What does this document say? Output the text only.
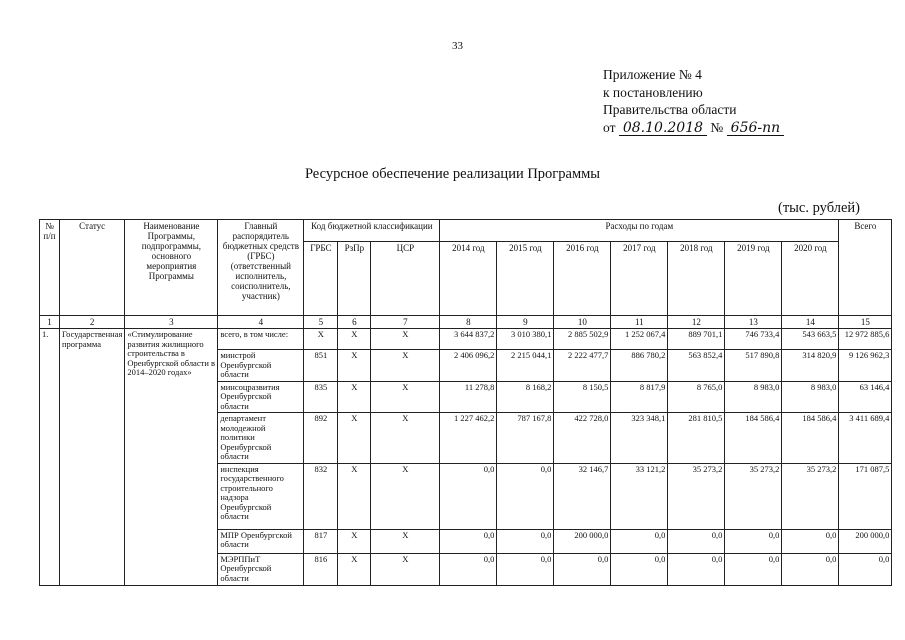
33
Приложение № 4
к постановлению
Правительства области
от 08.10.2018 № 656-пп
Ресурсное обеспечение реализации Программы
(тыс. рублей)
№ п/п	Статус	Наименование Программы, подпрограммы, основного мероприятия Программы	Главный распорядитель бюджетных средств (ГРБС) (ответственный исполнитель, соисполнитель, участник)	Код бюджетной классификации			Расходы по годам							Всего
				ГРБС	РзПр	ЦСР	2014 год	2015 год	2016 год	2017 год	2018 год	2019 год	2020 год	
1	2	3	4	5	6	7	8	9	10	11	12	13	14	15
1.	Государственная программа	«Стимулирование развития жилищного строительства в Оренбургской области в 2014–2020 годах»	всего, в том числе:	X	X	X	3 644 837,2	3 010 380,1	2 885 502,9	1 252 067,4	889 701,1	746 733,4	543 663,5	12 972 885,6
			минстрой Оренбургской области	851	X	X	2 406 096,2	2 215 044,1	2 222 477,7	886 780,2	563 852,4	517 890,8	314 820,9	9 126 962,3
			минсоцразвития Оренбургской области	835	X	X	11 278,8	8 168,2	8 150,5	8 817,9	8 765,0	8 983,0	8 983,0	63 146,4
			департамент молодежной политики Оренбургской области	892	X	X	1 227 462,2	787 167,8	422 728,0	323 348,1	281 810,5	184 586,4	184 586,4	3 411 689,4
			инспекция государственного строительного надзора Оренбургской области	832	X	X	0,0	0,0	32 146,7	33 121,2	35 273,2	35 273,2	35 273,2	171 087,5
			МПР Оренбургской области	817	X	X	0,0	0,0	200 000,0	0,0	0,0	0,0	0,0	200 000,0
			МЭРППиТ Оренбургской области	816	X	X	0,0	0,0	0,0	0,0	0,0	0,0	0,0	0,0
